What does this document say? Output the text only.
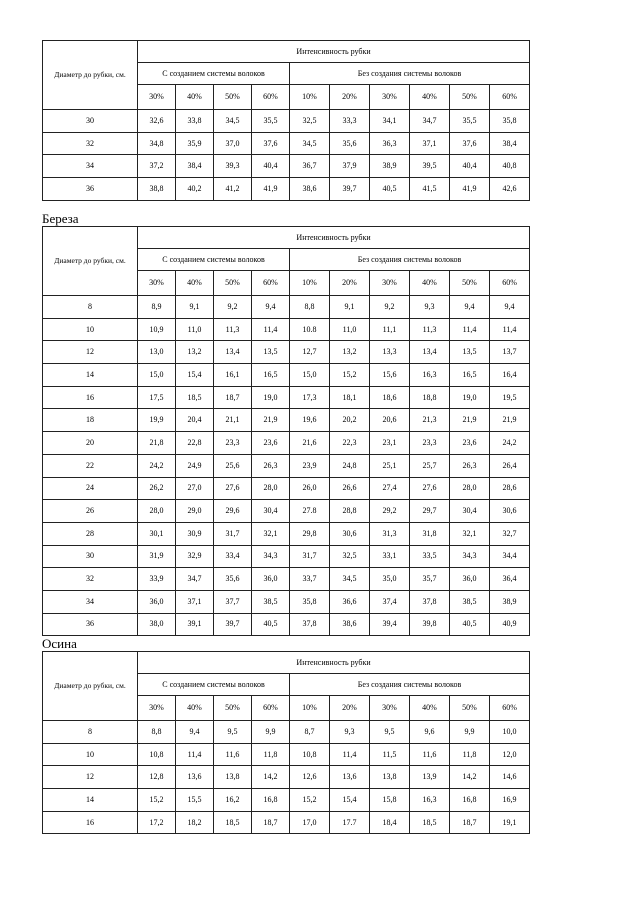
Диаметр до рубки, см.	Интенсивность рубки									
	С созданием системы волоков				Без создания системы волоков					
	30%	40%	50%	60%	10%	20%	30%	40%	50%	60%
30	32,6	33,8	34,5	35,5	32,5	33,3	34,1	34,7	35,5	35,8
32	34,8	35,9	37,0	37,6	34,5	35,6	36,3	37,1	37,6	38,4
34	37,2	38,4	39,3	40,4	36,7	37,9	38,9	39,5	40,4	40,8
36	38,8	40,2	41,2	41,9	38,6	39,7	40,5	41,5	41,9	42,6
Береза
Диаметр до рубки, см.	Интенсивность рубки									
	С созданием системы волоков				Без создания системы волоков					
	30%	40%	50%	60%	10%	20%	30%	40%	50%	60%
8	8,9	9,1	9,2	9,4	8,8	9,1	9,2	9,3	9,4	9,4
10	10,9	11,0	11,3	11,4	10.8	11,0	11,1	11,3	11,4	11,4
12	13,0	13,2	13,4	13,5	12,7	13,2	13,3	13,4	13,5	13,7
14	15,0	15,4	16,1	16,5	15,0	15,2	15,6	16,3	16,5	16,4
16	17,5	18,5	18,7	19,0	17,3	18,1	18,6	18,8	19,0	19,5
18	19,9	20,4	21,1	21,9	19,6	20,2	20,6	21,3	21,9	21,9
20	21,8	22,8	23,3	23,6	21,6	22,3	23,1	23,3	23,6	24,2
22	24,2	24,9	25,6	26,3	23,9	24,8	25,1	25,7	26,3	26,4
24	26,2	27,0	27,6	28,0	26,0	26,6	27,4	27,6	28,0	28,6
26	28,0	29,0	29,6	30,4	27.8	28,8	29,2	29,7	30,4	30,6
28	30,1	30,9	31,7	32,1	29,8	30,6	31,3	31,8	32,1	32,7
30	31,9	32,9	33,4	34,3	31,7	32,5	33,1	33,5	34,3	34,4
32	33,9	34,7	35,6	36,0	33,7	34,5	35,0	35,7	36,0	36,4
34	36,0	37,1	37,7	38,5	35,8	36,6	37,4	37,8	38,5	38,9
36	38,0	39,1	39,7	40,5	37,8	38,6	39,4	39,8	40,5	40,9
Осина
Диаметр до рубки, см.	Интенсивность рубки									
	С созданием системы волоков				Без создания системы волоков					
	30%	40%	50%	60%	10%	20%	30%	40%	50%	60%
8	8,8	9,4	9,5	9,9	8,7	9,3	9,5	9,6	9,9	10,0
10	10,8	11,4	11,6	11,8	10,8	11,4	11,5	11,6	11,8	12,0
12	12,8	13,6	13,8	14,2	12,6	13,6	13,8	13,9	14,2	14,6
14	15,2	15,5	16,2	16,8	15,2	15,4	15,8	16,3	16,8	16,9
16	17,2	18,2	18,5	18,7	17,0	17.7	18,4	18,5	18,7	19,1
